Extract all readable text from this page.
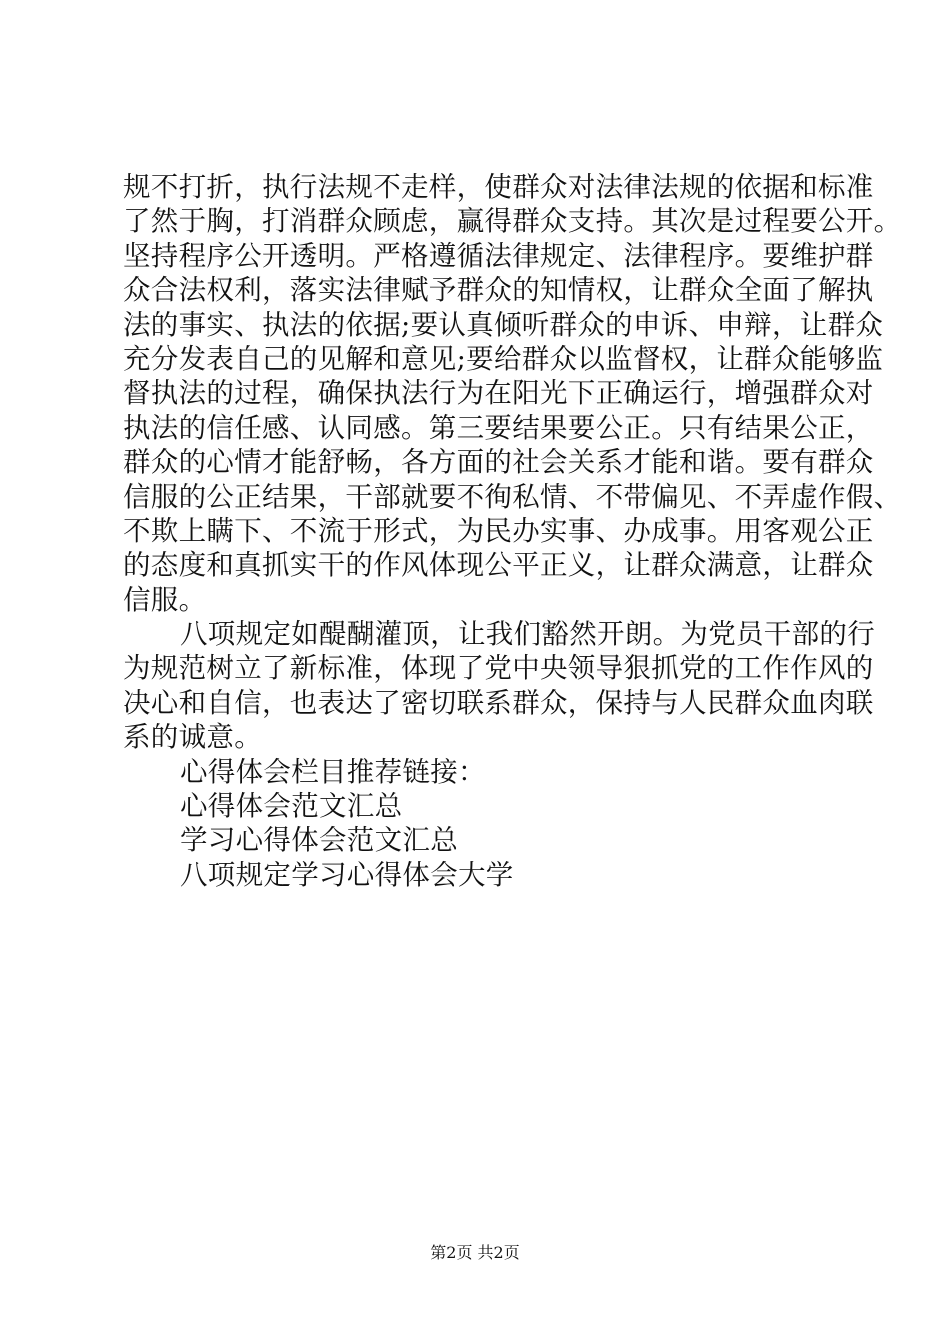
规不打折，执行法规不走样，使群众对法律法规的依据和标准
了然于胸，打消群众顾虑，赢得群众支持。其次是过程要公开。
坚持程序公开透明。严格遵循法律规定、法律程序。要维护群
众合法权利，落实法律赋予群众的知情权，让群众全面了解执
法的事实、执法的依据;要认真倾听群众的申诉、申辩，让群众
充分发表自己的见解和意见;要给群众以监督权，让群众能够监
督执法的过程，确保执法行为在阳光下正确运行，增强群众对
执法的信任感、认同感。第三要结果要公正。只有结果公正，
群众的心情才能舒畅，各方面的社会关系才能和谐。要有群众
信服的公正结果，干部就要不徇私情、不带偏见、不弄虚作假、
不欺上瞒下、不流于形式，为民办实事、办成事。用客观公正
的态度和真抓实干的作风体现公平正义，让群众满意，让群众
信服。
八项规定如醍醐灌顶，让我们豁然开朗。为党员干部的行
为规范树立了新标准，体现了党中央领导狠抓党的工作作风的
决心和自信，也表达了密切联系群众，保持与人民群众血肉联
系的诚意。
心得体会栏目推荐链接：
心得体会范文汇总
学习心得体会范文汇总
八项规定学习心得体会大学
第2页 共2页
